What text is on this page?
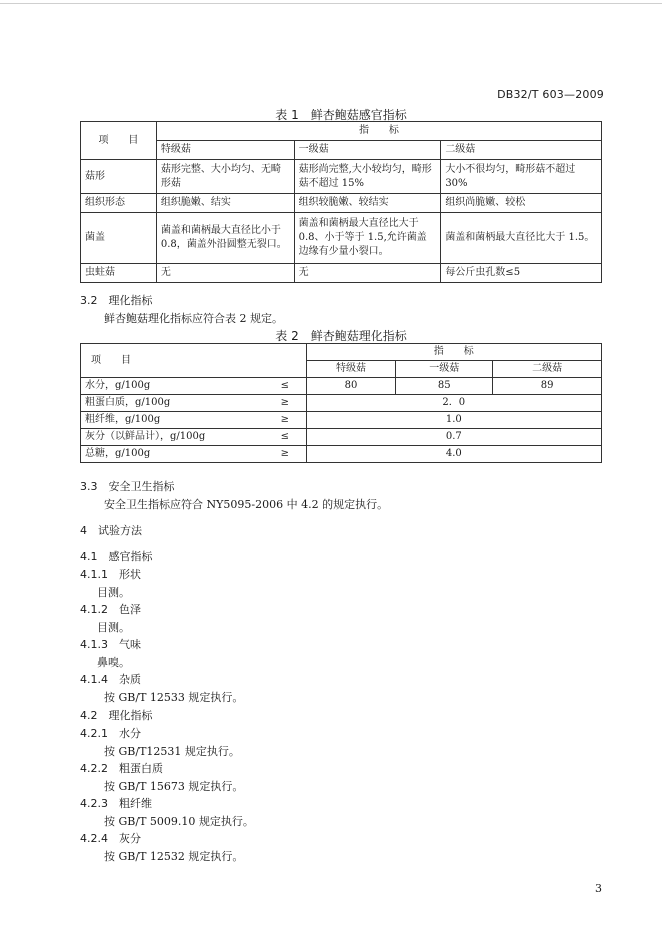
DB32/T 603—2009
表 1　鲜杏鲍菇感官指标
项　　目	指　　标		
	特级菇	一级菇	二级菇
菇形	菇形完整、大小均匀、无畸形菇	菇形尚完整,大小较均匀，畸形菇不超过 15%	大小不很均匀，畸形菇不超过 30%
组织形态	组织脆嫩、结实	组织较脆嫩、较结实	组织尚脆嫩、较松
菌盖	菌盖和菌柄最大直径比小于 0.8，菌盖外沿圆整无裂口。	菌盖和菌柄最大直径比大于 0.8、小于等于 1.5,允许菌盖边缘有少量小裂口。	菌盖和菌柄最大直径比大于 1.5。
虫蛀菇	无	无	每公斤虫孔数≤5
3.2　理化指标
鲜杏鲍菇理化指标应符合表 2 规定。
表 2　鲜杏鲍菇理化指标
项　　目		指　　标		
		特级菇	一级菇	二级菇
水分，g/100g	≤	80	85	89
粗蛋白质，g/100g	≥	2．0		
粗纤维，g/100g	≥	1.0		
灰分（以鲜品计），g/100g	≤	0.7		
总糖，g/100g	≥	4.0		
3.3　安全卫生指标
安全卫生指标应符合 NY5095-2006 中 4.2 的规定执行。
4　试验方法
4.1　感官指标
4.1.1　形状
目测。
4.1.2　色泽
目测。
4.1.3　气味
鼻嗅。
4.1.4　杂质
按 GB/T 12533 规定执行。
4.2　理化指标
4.2.1　水分
按 GB/T12531 规定执行。
4.2.2　粗蛋白质
按 GB/T 15673 规定执行。
4.2.3　粗纤维
按 GB/T 5009.10 规定执行。
4.2.4　灰分
按 GB/T 12532 规定执行。
3
